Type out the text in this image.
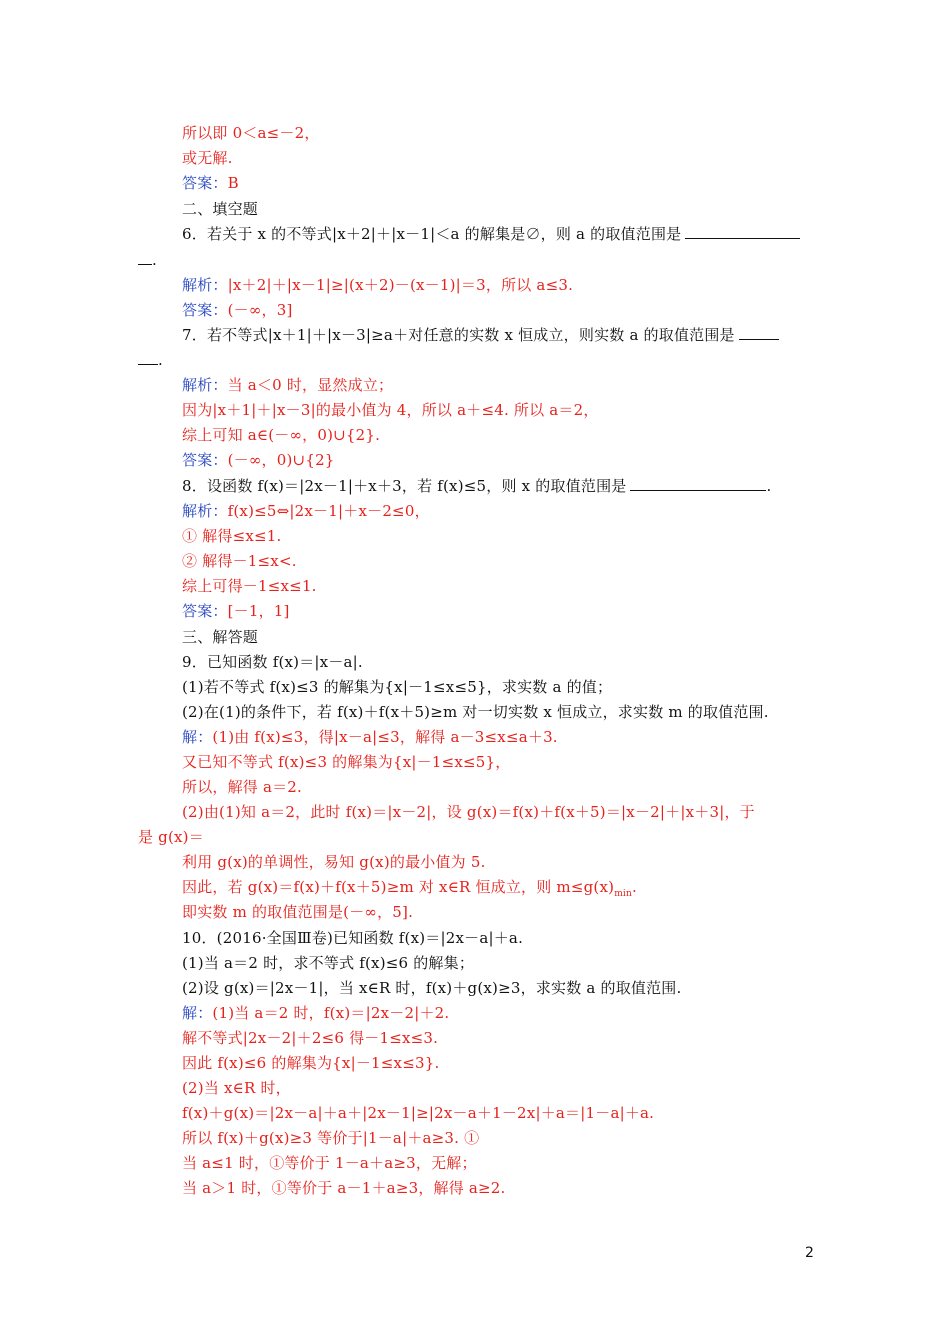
所以即 0＜a≤－2，
或无解.
答案：B
二、填空题
6．若关于 x 的不等式|x＋2|＋|x－1|＜a 的解集是∅，则 a 的取值范围是
.
解析：|x＋2|＋|x－1|≥|(x＋2)－(x－1)|＝3，所以 a≤3.
答案：(－∞，3]
7．若不等式|x＋1|＋|x－3|≥a＋对任意的实数 x 恒成立，则实数 a 的取值范围是
.
解析：当 a＜0 时，显然成立；
因为|x＋1|＋|x－3|的最小值为 4，所以 a＋≤4. 所以 a＝2，
综上可知 a∈(－∞，0)∪{2}.
答案：(－∞，0)∪{2}
8．设函数 f(x)＝|2x－1|＋x＋3，若 f(x)≤5，则 x 的取值范围是	.
解析：f(x)≤5⇔|2x－1|＋x－2≤0，
① 解得≤x≤1.
② 解得－1≤x<.
综上可得－1≤x≤1.
答案：[－1，1]
三、解答题
9．已知函数 f(x)＝|x－a|.
(1)若不等式 f(x)≤3 的解集为{x|－1≤x≤5}，求实数 a 的值；
(2)在(1)的条件下，若 f(x)＋f(x＋5)≥m 对一切实数 x 恒成立，求实数 m 的取值范围.
解：(1)由 f(x)≤3，得|x－a|≤3，解得 a－3≤x≤a＋3.
又已知不等式 f(x)≤3 的解集为{x|－1≤x≤5}，
所以，解得 a＝2.
(2)由(1)知 a＝2，此时 f(x)＝|x－2|，设 g(x)＝f(x)＋f(x＋5)＝|x－2|＋|x＋3|，于
是 g(x)＝
利用 g(x)的单调性，易知 g(x)的最小值为 5.
因此，若 g(x)＝f(x)＋f(x＋5)≥m 对 x∈R 恒成立，则 $m\le g(x)_{min}$.
即实数 m 的取值范围是(－∞，5].
10．(2016·全国Ⅲ卷)已知函数 f(x)＝|2x－a|＋a.
(1)当 a＝2 时，求不等式 f(x)≤6 的解集；
(2)设 g(x)＝|2x－1|，当 x∈R 时，f(x)＋g(x)≥3，求实数 a 的取值范围.
解：(1)当 a＝2 时，f(x)＝|2x－2|＋2.
解不等式|2x－2|＋2≤6 得－1≤x≤3.
因此 f(x)≤6 的解集为{x|－1≤x≤3}.
(2)当 x∈R 时，
f(x)＋g(x)＝|2x－a|＋a＋|2x－1|≥|2x－a＋1－2x|＋a＝|1－a|＋a.
所以 f(x)＋g(x)≥3 等价于|1－a|＋a≥3. ①
当 a≤1 时，①等价于 1－a＋a≥3，无解；
当 a＞1 时，①等价于 a－1＋a≥3，解得 a≥2.
2
